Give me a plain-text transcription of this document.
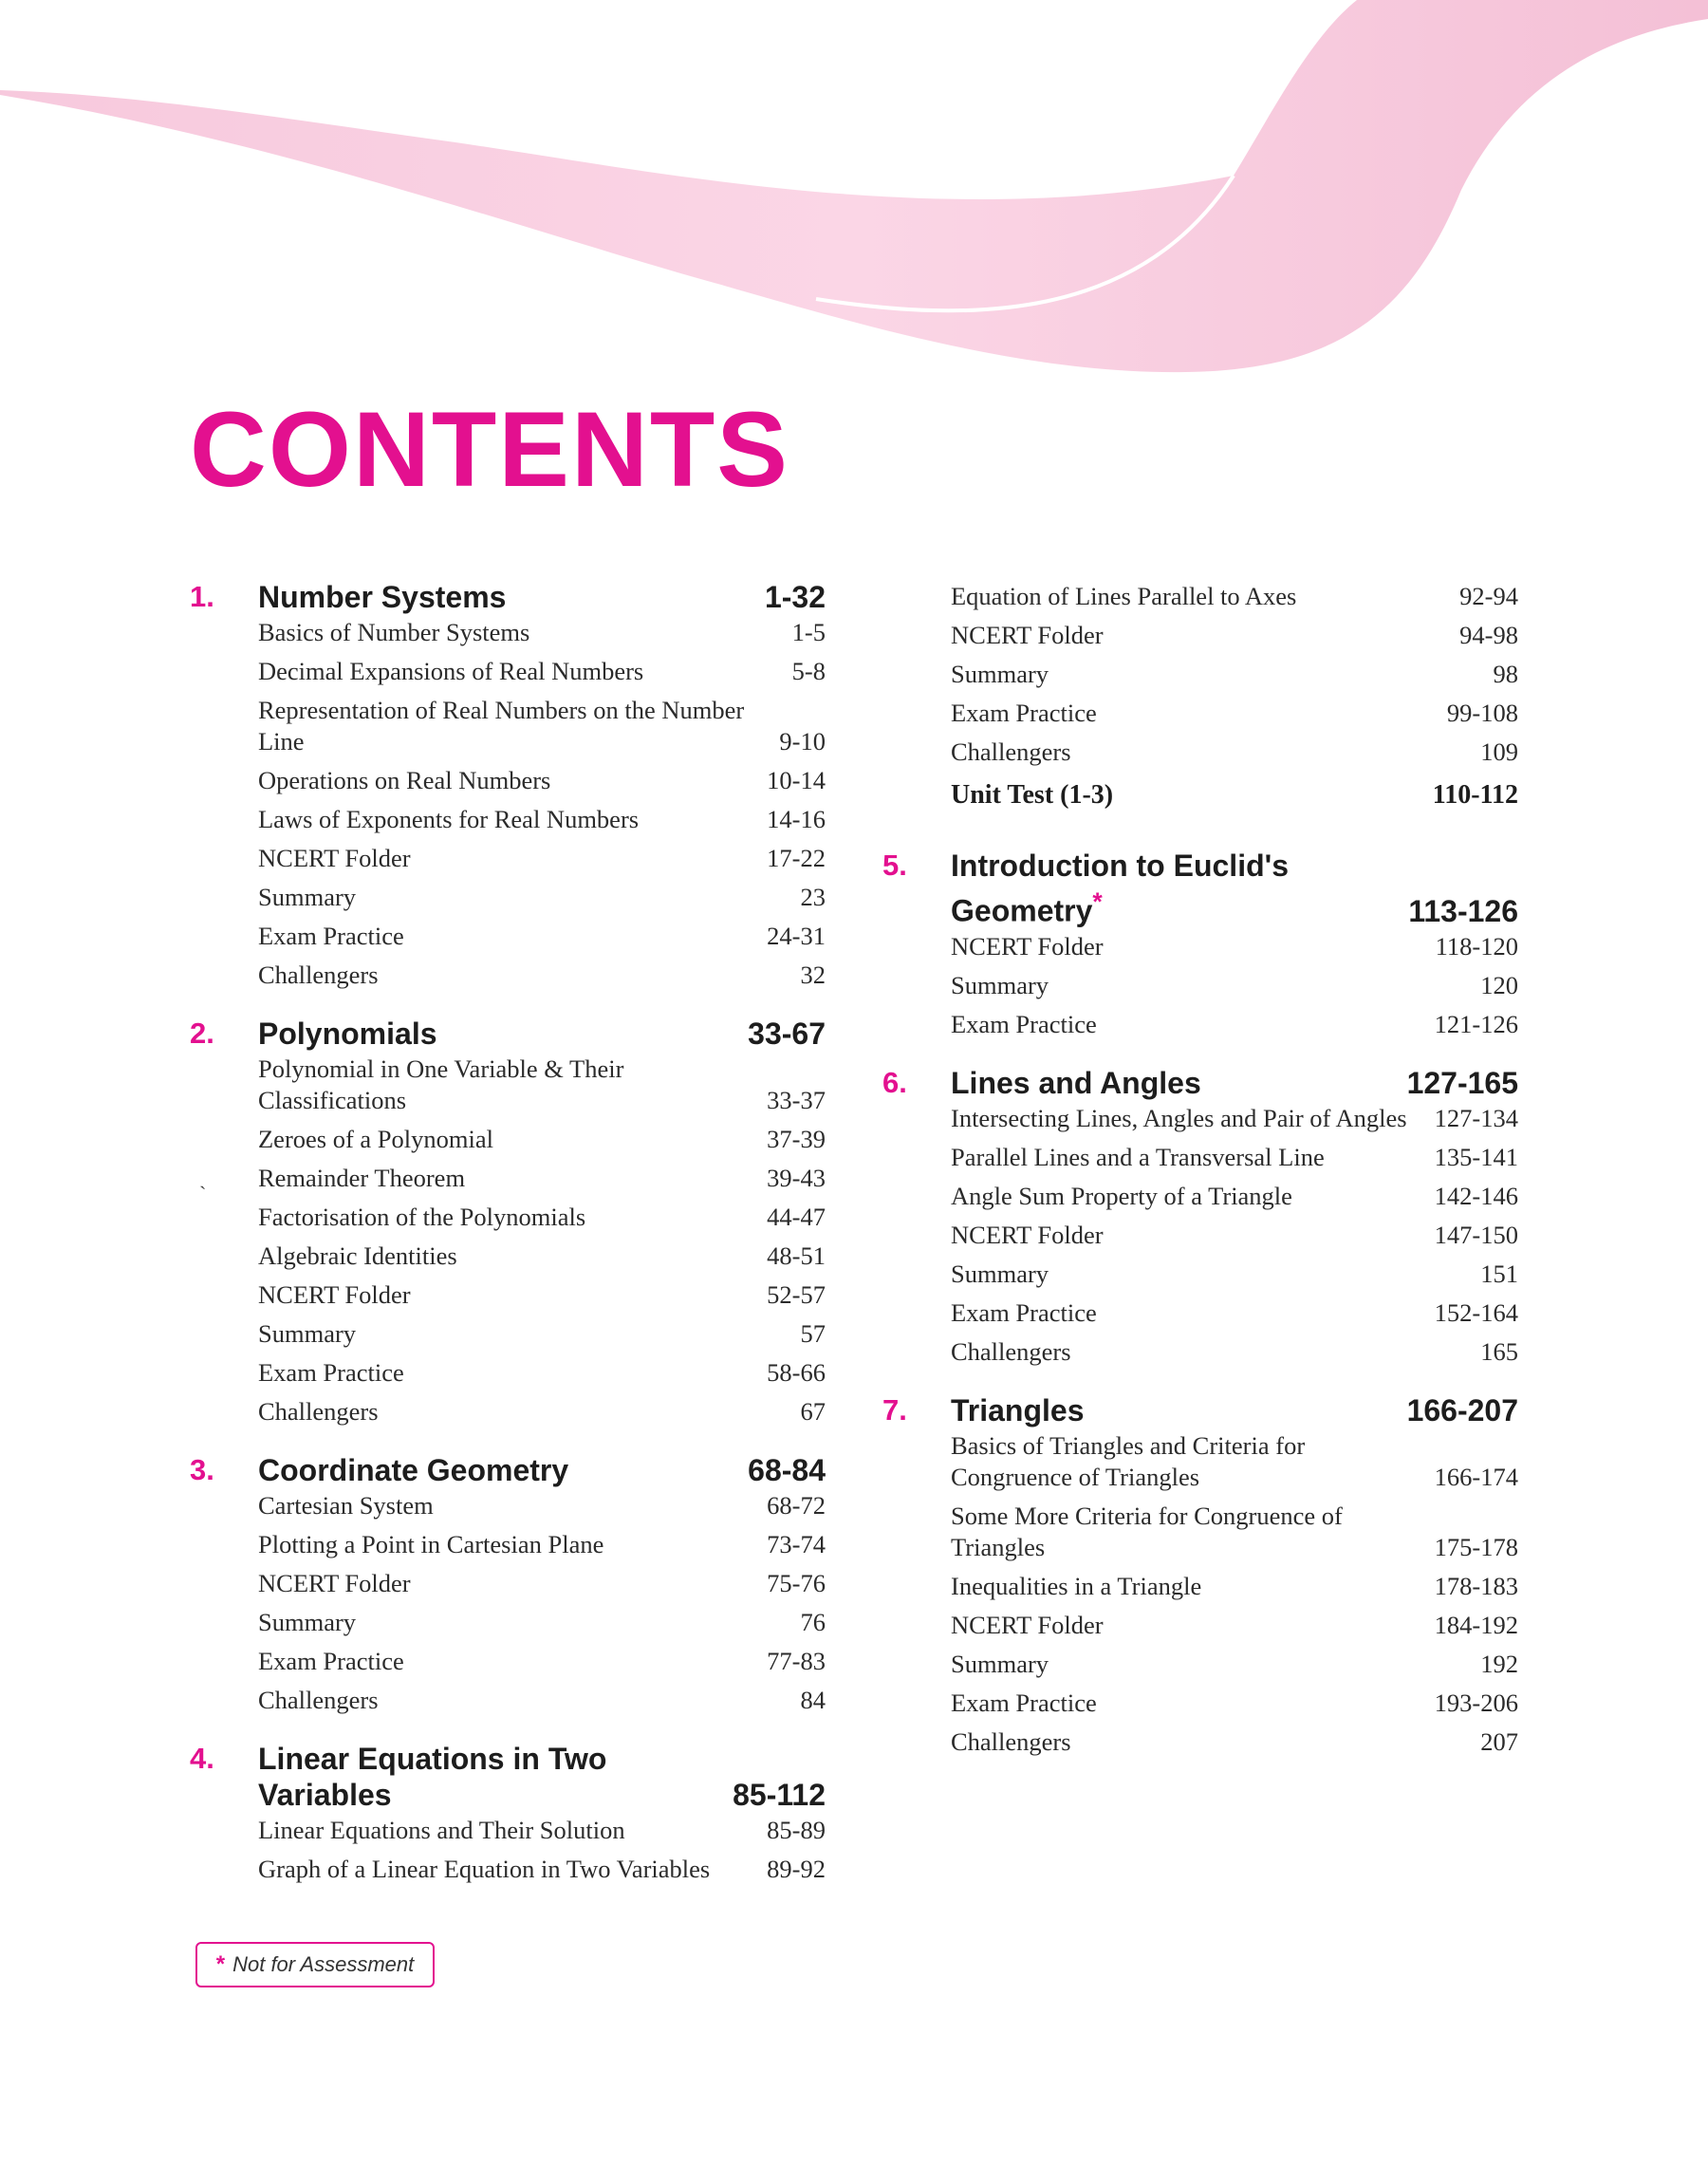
CONTENTS
`
1.	Number Systems	1-32
Basics of Number Systems	1-5
Decimal Expansions of Real Numbers	5-8
Representation of Real Numbers on the Number Line	9-10
Operations on Real Numbers	10-14
Laws of Exponents for Real Numbers	14-16
NCERT Folder	17-22
Summary	23
Exam Practice	24-31
Challengers	32
2.	Polynomials	33-67
Polynomial in One Variable & Their Classifications	33-37
Zeroes of a Polynomial	37-39
Remainder Theorem	39-43
Factorisation of the Polynomials	44-47
Algebraic Identities	48-51
NCERT Folder	52-57
Summary	57
Exam Practice	58-66
Challengers	67
3.	Coordinate Geometry	68-84
Cartesian System	68-72
Plotting a Point in Cartesian Plane	73-74
NCERT Folder	75-76
Summary	76
Exam Practice	77-83
Challengers	84
4.	Linear Equations in Two Variables	85-112
Linear Equations and Their Solution	85-89
Graph of a Linear Equation in Two Variables	89-92
Equation of Lines Parallel to Axes	92-94
NCERT Folder	94-98
Summary	98
Exam Practice	99-108
Challengers	109
Unit Test (1-3)	110-112
5.	Introduction to Euclid's Geometry*	113-126
NCERT Folder	118-120
Summary	120
Exam Practice	121-126
6.	Lines and Angles	127-165
Intersecting Lines, Angles and Pair of Angles	127-134
Parallel Lines and a Transversal Line	135-141
Angle Sum Property of a Triangle	142-146
NCERT Folder	147-150
Summary	151
Exam Practice	152-164
Challengers	165
7.	Triangles	166-207
Basics of Triangles and Criteria for Congruence of Triangles	166-174
Some More Criteria for Congruence of Triangles	175-178
Inequalities in a Triangle	178-183
NCERT Folder	184-192
Summary	192
Exam Practice	193-206
Challengers	207
* Not for Assessment
